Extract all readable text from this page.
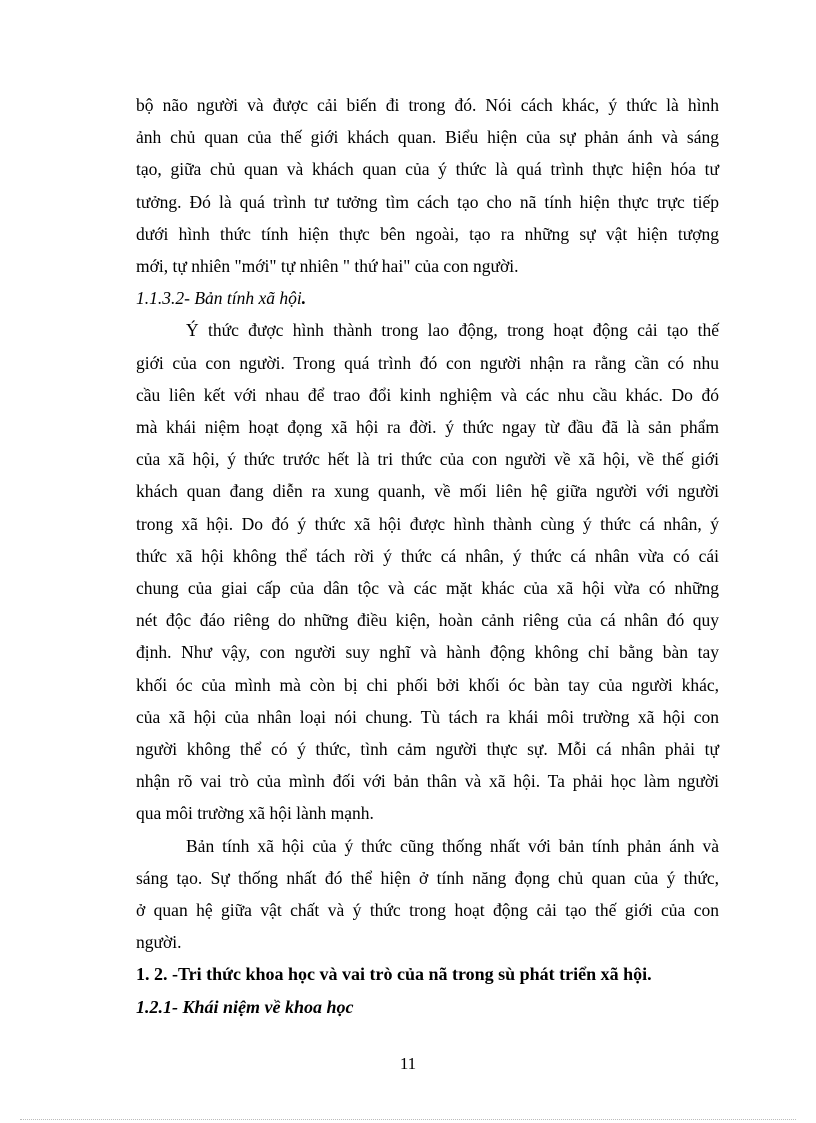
bộ não người và được cải biến đi trong đó. Nói cách khác, ý thức là hình
ảnh chủ quan của thế giới khách quan. Biểu hiện của sự phản ánh và sáng
tạo, giữa chủ quan và khách quan của ý thức là quá trình thực hiện hóa tư
tưởng. Đó là quá trình tư tưởng tìm cách tạo cho nã tính hiện thực trực tiếp
dưới hình thức tính hiện thực bên ngoài, tạo ra những sự vật hiện tượng
mới, tự nhiên "mới" tự nhiên " thứ hai" của con người.
1.1.3.2- Bản tính xã hội.
Ý thức được hình thành trong lao động, trong hoạt động cải tạo thế
giới của con người. Trong quá trình đó con người nhận ra rằng cần có nhu
cầu liên kết với nhau để trao đổi kinh nghiệm và các nhu cầu khác. Do đó
mà khái niệm hoạt đọng xã hội ra đời. ý thức ngay từ đầu đã là sản phẩm
của xã hội, ý thức trước hết là tri thức của con người về xã hội, về thế giới
khách quan đang diễn ra xung quanh, về mối liên hệ giữa người với người
trong xã hội. Do đó ý thức xã hội được hình thành cùng ý thức cá nhân, ý
thức xã hội không thể tách rời ý thức cá nhân, ý thức cá nhân vừa có cái
chung của giai cấp của dân tộc và các mặt khác của xã hội vừa có những
nét độc đáo riêng do những điều kiện, hoàn cảnh riêng của cá nhân đó quy
định. Như vậy, con người suy nghĩ và hành động không chỉ bằng bàn tay
khối óc của mình mà còn bị chi phối bởi khối óc bàn tay của người khác,
của xã hội của nhân loại nói chung. Tù tách ra khái môi trường xã hội con
người không thể có ý thức, tình cảm người thực sự. Mỗi cá nhân phải tự
nhận rõ vai trò của mình đối với bản thân và xã hội. Ta phải học làm người
qua môi trường xã hội lành mạnh.
Bản tính xã hội của ý thức cũng thống nhất với bản tính phản ánh và
sáng tạo. Sự thống nhất đó thể hiện ở tính năng đọng chủ quan của ý thức,
ở quan hệ giữa vật chất và ý thức trong hoạt động cải tạo thế giới của con
người.
1. 2. -Tri thức khoa học và vai trò của nã trong sù phát triển xã hội.
1.2.1- Khái niệm về khoa học
11
